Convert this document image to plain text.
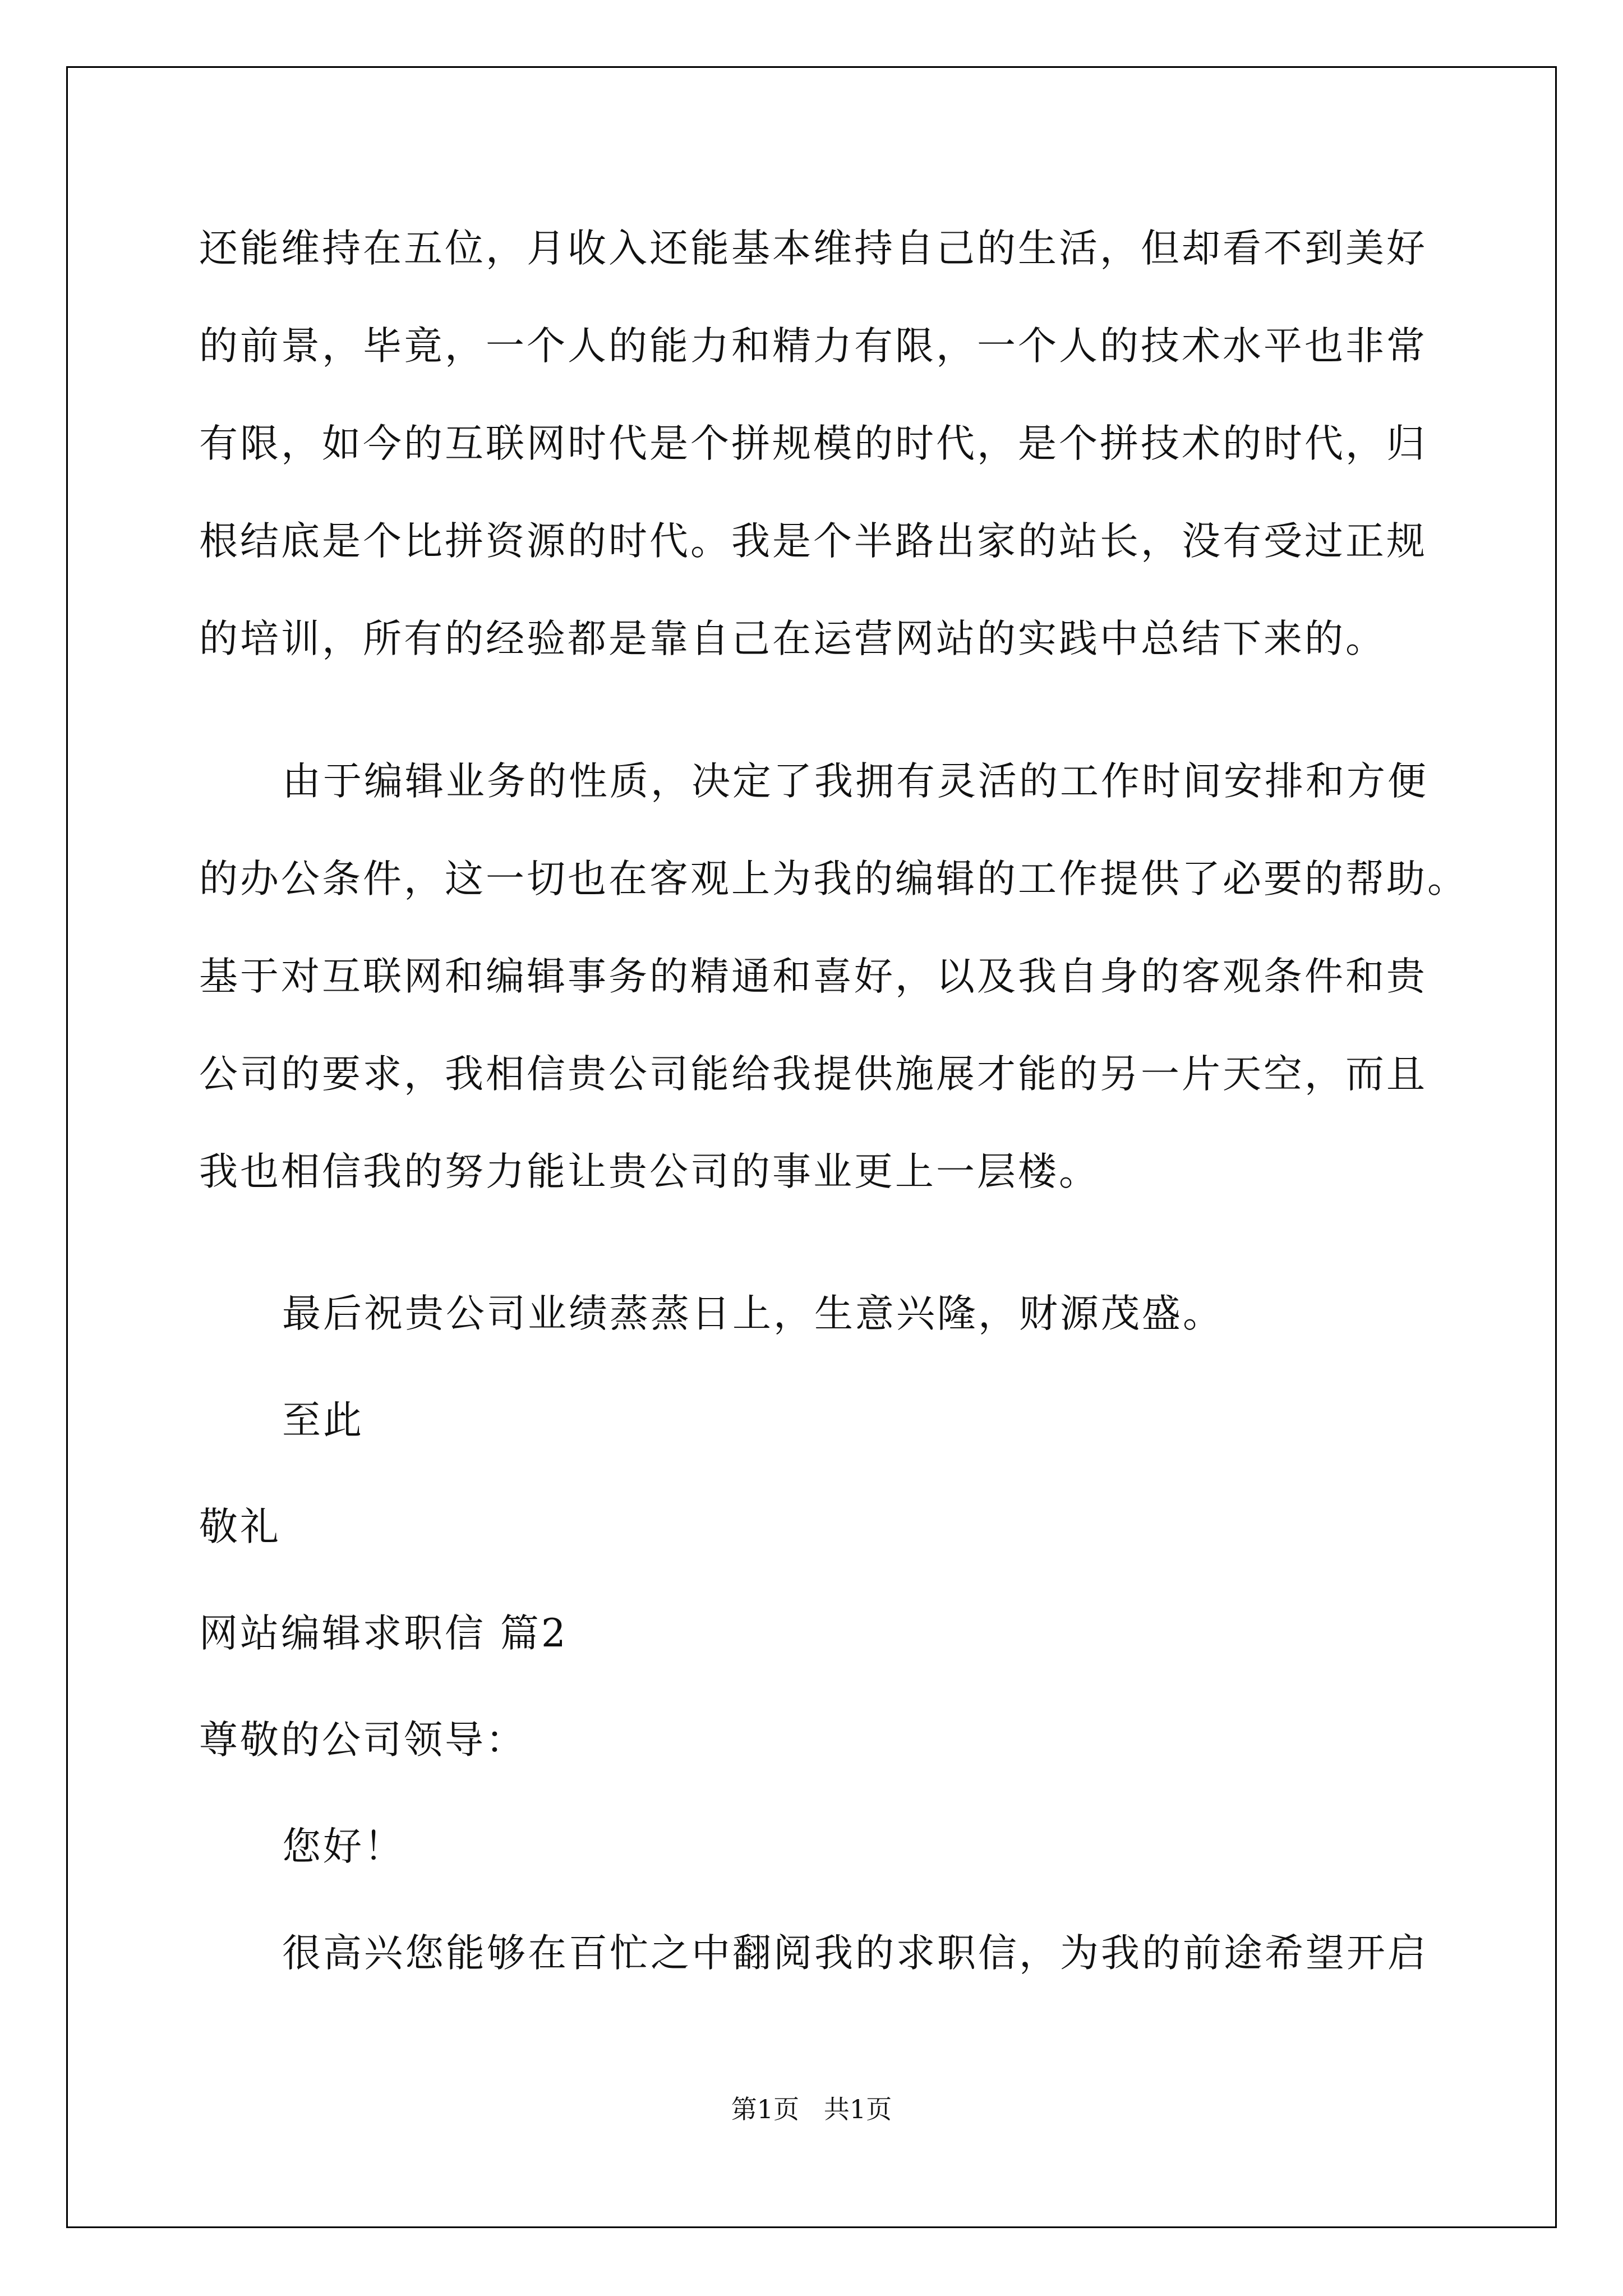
还能维持在五位，月收入还能基本维持自己的生活，但却看不到美好
的前景，毕竟，一个人的能力和精力有限，一个人的技术水平也非常
有限，如今的互联网时代是个拼规模的时代，是个拼技术的时代，归
根结底是个比拼资源的时代。我是个半路出家的站长，没有受过正规
的培训，所有的经验都是靠自己在运营网站的实践中总结下来的。
由于编辑业务的性质，决定了我拥有灵活的工作时间安排和方便
的办公条件，这一切也在客观上为我的编辑的工作提供了必要的帮助。
基于对互联网和编辑事务的精通和喜好，以及我自身的客观条件和贵
公司的要求，我相信贵公司能给我提供施展才能的另一片天空，而且
我也相信我的努力能让贵公司的事业更上一层楼。
最后祝贵公司业绩蒸蒸日上，生意兴隆，财源茂盛。
至此
敬礼
网站编辑求职信 篇2
尊敬的公司领导：
您好！
很高兴您能够在百忙之中翻阅我的求职信，为我的前途希望开启
第1页   共1页
